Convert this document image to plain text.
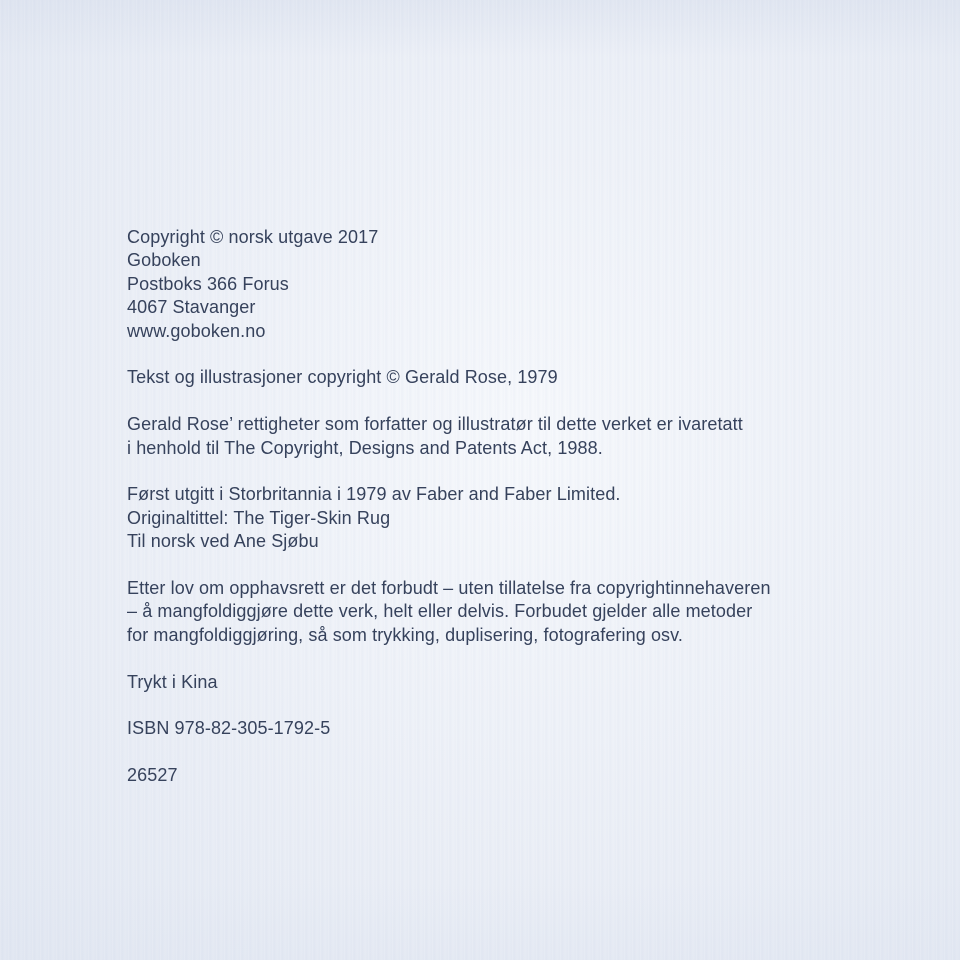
Copyright © norsk utgave 2017
Goboken
Postboks 366 Forus
4067 Stavanger
www.goboken.no

Tekst og illustrasjoner copyright © Gerald Rose, 1979

Gerald Rose’ rettigheter som forfatter og illustratør til dette verket er ivaretatt
i henhold til The Copyright, Designs and Patents Act, 1988.

Først utgitt i Storbritannia i 1979 av Faber and Faber Limited.
Originaltittel: The Tiger-Skin Rug
Til norsk ved Ane Sjøbu

Etter lov om opphavsrett er det forbudt – uten tillatelse fra copyrightinnehaveren
– å mangfoldiggjøre dette verk, helt eller delvis. Forbudet gjelder alle metoder
for mangfoldiggjøring, så som trykking, duplisering, fotografering osv.

Trykt i Kina

ISBN 978-82-305-1792-5

26527
